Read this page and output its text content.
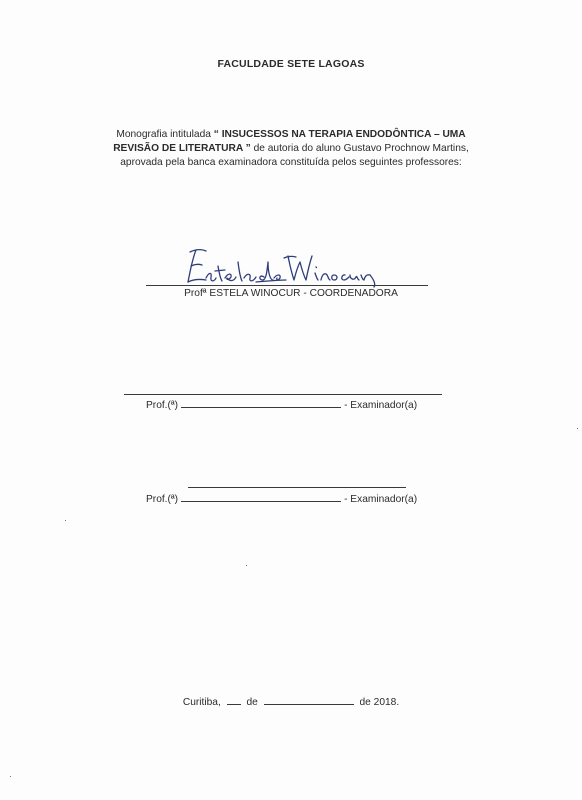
FACULDADE SETE LAGOAS
Monografia intitulada “ INSUCESSOS NA TERAPIA ENDODÔNTICA – UMA
REVISÃO DE LITERATURA ” de autoria do aluno Gustavo Prochnow Martins,
aprovada pela banca examinadora constituída pelos seguintes professores:
Profª ESTELA WINOCUR - COORDENADORA
Prof.(ª)	- Examinador(a)
Prof.(ª)	- Examinador(a)
Curitiba,	de	de 2018.
